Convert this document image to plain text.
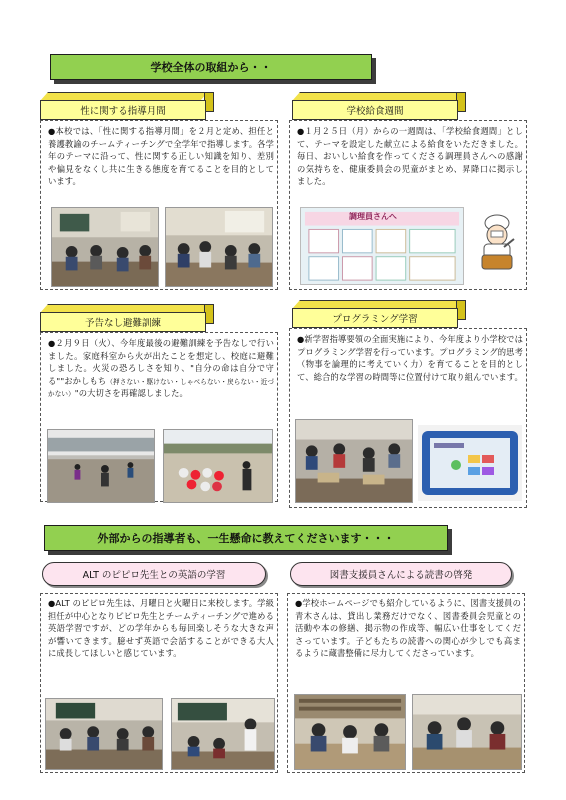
学校全体の取組から・・
性に関する指導月間
●本校では、「性に関する指導月間」を２月と定め、担任と養護教諭のチームティーチングで全学年で指導します。各学年のテーマに沿って、性に関する正しい知識を知り、差別や偏見をなくし共に生きる態度を育てることを目的としています。
学校給食週間
●１月２５日（月）からの一週間は、「学校給食週間」として、テーマを設定した献立による給食をいただきました。毎日、おいしい給食を作ってくださる調理員さんへの感謝の気持ちを、健康委員会の児童がまとめ、昇降口に掲示しました。
調理員さんへ
予告なし避難訓練
●２月９日（火）、今年度最後の避難訓練を予告なしで行いました。家庭科室から火が出たことを想定し、校庭に避難しました。火災の恐ろしさを知り、"自分の命は自分で守る""おかしもち（押さない・駆けない・しゃべらない・戻らない・近づかない）"の大切さを再確認しました。
プログラミング学習
●新学習指導要領の全面実施により、今年度より小学校ではプログラミング学習を行っています。プログラミング的思考（物事を論理的に考えていく力）を育てることを目的として、総合的な学習の時間等に位置付けて取り組んでいます。
外部からの指導者も、一生懸命に教えてくださいます・・・
ALT のピピロ先生との英語の学習
●ALT のピピロ先生は、月曜日と火曜日に来校します。学級担任が中心となりピピロ先生とチームティーチングで進める英語学習ですが、どの学年からも毎回楽しそうな大きな声が響いてきます。臆せず英語で会話することができる大人に成長してほしいと感じています。
図書支援員さんによる読書の啓発
●学校ホームページでも紹介しているように、図書支援員の青木さんは、貸出し業務だけでなく、図書委員会児童との活動や本の修繕、掲示物の作成等、幅広い仕事をしてくださっています。子どもたちの読書への関心が少しでも高まるように蔵書整備に尽力してくださっています。
